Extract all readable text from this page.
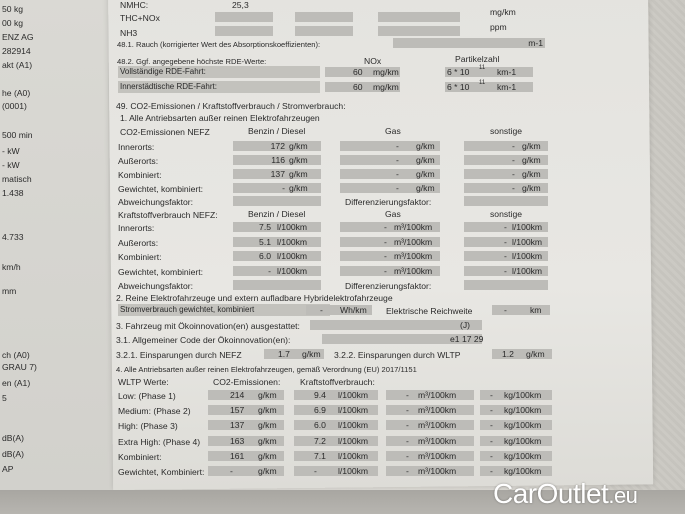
50 kg
00 kg
ENZ AG
282914
akt (A1)
he (A0)
(0001)
500 min
- kW
- kW
matisch
1.438
4.733
km/h
mm
ch (A0)
GRAU 7)
en (A1)
5
dB(A)
dB(A)
AP
NMHC:	25,3
THC+NOx
mg/km
NH3
ppm
48.1. Rauch (korrigierter Wert des Absorptionskoeffizienten):	m-1
48.2. Ggf. angegebene höchste RDE-Werte:	NOx	Partikelzahl
Vollständige RDE-Fahrt:	60 mg/km	6 * 10 11 km-1
Innerstädtische RDE-Fahrt:	60 mg/km	6 * 10 11 km-1
49. CO2-Emissionen / Kraftstoffverbrauch / Stromverbrauch:
1. Alle Antriebsarten außer reinen Elektrofahrzeugen
CO2-Emissionen NEFZ	Benzin / Diesel	Gas	sonstige
Innerorts:	172 g/km	- g/km	- g/km
Außerorts:	116 g/km	- g/km	- g/km
Kombiniert:	137 g/km	- g/km	- g/km
Gewichtet, kombiniert:	- g/km	- g/km	- g/km
Abweichungsfaktor:	Differenzierungsfaktor:
Kraftstoffverbrauch NEFZ:	Benzin / Diesel	Gas	sonstige
Innerorts:	7.5 l/100km	- m³/100km	- l/100km
Außerorts:	5.1 l/100km	- m³/100km	- l/100km
Kombiniert:	6.0 l/100km	- m³/100km	- l/100km
Gewichtet, kombiniert:	- l/100km	- m³/100km	- l/100km
Abweichungsfaktor:	Differenzierungsfaktor:
2. Reine Elektrofahrzeuge und extern aufladbare Hybridelektrofahrzeuge
Stromverbrauch gewichtet, kombiniert	- Wh/km Elektrische Reichweite	-	km
3. Fahrzeug mit Ökoinnovation(en) ausgestattet:	(J)
3.1. Allgemeiner Code der Ökoinnovation(en):	e1 17 29
3.2.1. Einsparungen durch NEFZ	1.7 g/km 3.2.2. Einsparungen durch WLTP	1.2 g/km
4. Alle Antriebsarten außer reinen Elektrofahrzeugen, gemäß Verordnung (EU) 2017/1151
WLTP Werte:	CO2-Emissionen: Kraftstoffverbrauch:
Low: (Phase 1)	214 g/km	9.4 l/100km	- m³/100km	- kg/100km
Medium: (Phase 2)	157 g/km	6.9 l/100km	- m³/100km	- kg/100km
High: (Phase 3)	137 g/km	6.0 l/100km	- m³/100km	- kg/100km
Extra High: (Phase 4)	163 g/km	7.2 l/100km	- m³/100km	- kg/100km
Kombiniert:	161 g/km	7.1 l/100km	- m³/100km	- kg/100km
Gewichtet, Kombiniert:	-	g/km	- l/100km	- m³/100km	- kg/100km
CarOutlet.eu
